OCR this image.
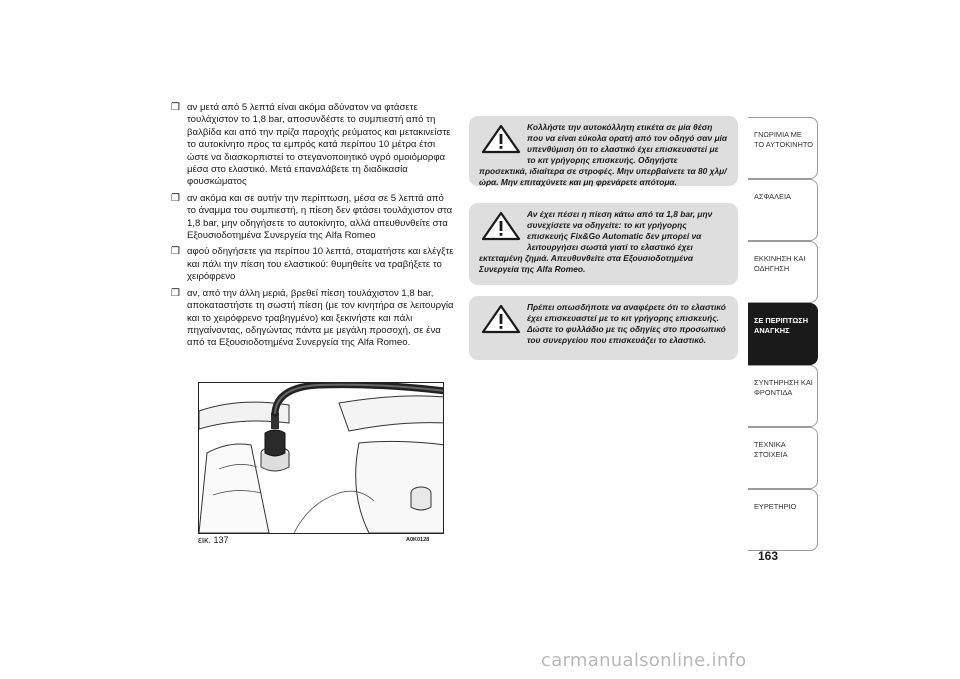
❒ αν μετά από 5 λεπτά είναι ακόμα αδύνατον να φτάσετε τουλάχιστον το 1,8 bar, αποσυνδέστε το συμπιεστή από τη βαλβίδα και από την πρίζα παροχής ρεύματος και μετακινείστε το αυτοκίνητο προς τα εμπρός κατά περίπου 10 μέτρα έτσι ώστε να διασκορπιστεί το στεγανοποιητικό υγρό ομοιόμορφα μέσα στο ελαστικό. Μετά επαναλάβετε τη διαδικασία φουσκώματος
❒ αν ακόμα και σε αυτήν την περίπτωση, μέσα σε 5 λεπτά από το άναμμα του συμπιεστή, η πίεση δεν φτάσει τουλάχιστον στα 1,8 bar, μην οδηγήσετε το αυτοκίνητο, αλλά απευθυνθείτε στα Εξουσιοδοτημένα Συνεργεία της Alfa Romeo
❒ αφού οδηγήσετε για περίπου 10 λεπτά, σταματήστε και ελέγξτε και πάλι την πίεση του ελαστικού: θυμηθείτε να τραβήξετε το χειρόφρενο
❒ αν, από την άλλη μεριά, βρεθεί πίεση τουλάχιστον 1,8 bar, αποκαταστήστε τη σωστή πίεση (με τον κινητήρα σε λειτουργία και το χειρόφρενο τραβηγμένο) και ξεκινήστε και πάλι πηγαίνοντας, οδηγώντας πάντα με μεγάλη προσοχή, σε ένα από τα Εξουσιοδοτημένα Συνεργεία της Alfa Romeo.
εικ. 137	A0K0128
Κολλήστε την αυτοκόλλητη ετικέτα σε μία θέση που να είναι εύκολα ορατή από τον οδηγό σαν μία υπενθύμιση ότι το ελαστικό έχει επισκευαστεί με το κιτ γρήγορης επισκευής. Οδηγήστε προσεκτικά, ιδιαίτερα σε στροφές. Μην υπερβαίνετε τα 80 χλμ/ώρα. Μην επιταχύνετε και μη φρενάρετε απότομα.
Αν έχει πέσει η πίεση κάτω από τα 1,8 bar, μην συνεχίσετε να οδηγείτε: το κιτ γρήγορης επισκευής Fix&Go Automatic δεν μπορεί να λειτουργήσει σωστά γιατί το ελαστικό έχει εκτεταμένη ζημιά. Απευθυνθείτε στα Εξουσιοδοτημένα Συνεργεία της Alfa Romeo.
Πρέπει οπωσδήποτε να αναφέρετε ότι το ελαστικό έχει επισκευαστεί με το κιτ γρήγορης επισκευής. Δώστε το φυλλάδιο με τις οδηγίες στο προσωπικό του συνεργείου που επισκευάζει το ελαστικό.
ΓΝΩΡΙΜΙΑ ΜΕ ΤΟ ΑΥΤΟΚΙΝΗΤΟ
ΑΣΦΑΛΕΙΑ
ΕΚΚΙΝΗΣΗ ΚΑΙ ΟΔΗΓΗΣΗ
ΣΕ ΠΕΡΙΠΤΩΣΗ ΑΝΑΓΚΗΣ
ΣΥΝΤΗΡΗΣΗ ΚΑΙ ΦΡΟΝΤΙΔΑ
ΤΕΧΝΙΚΑ ΣΤΟΙΧΕΙΑ
ΕΥΡΕΤΗΡΙΟ
163
carmanualsonline.info
